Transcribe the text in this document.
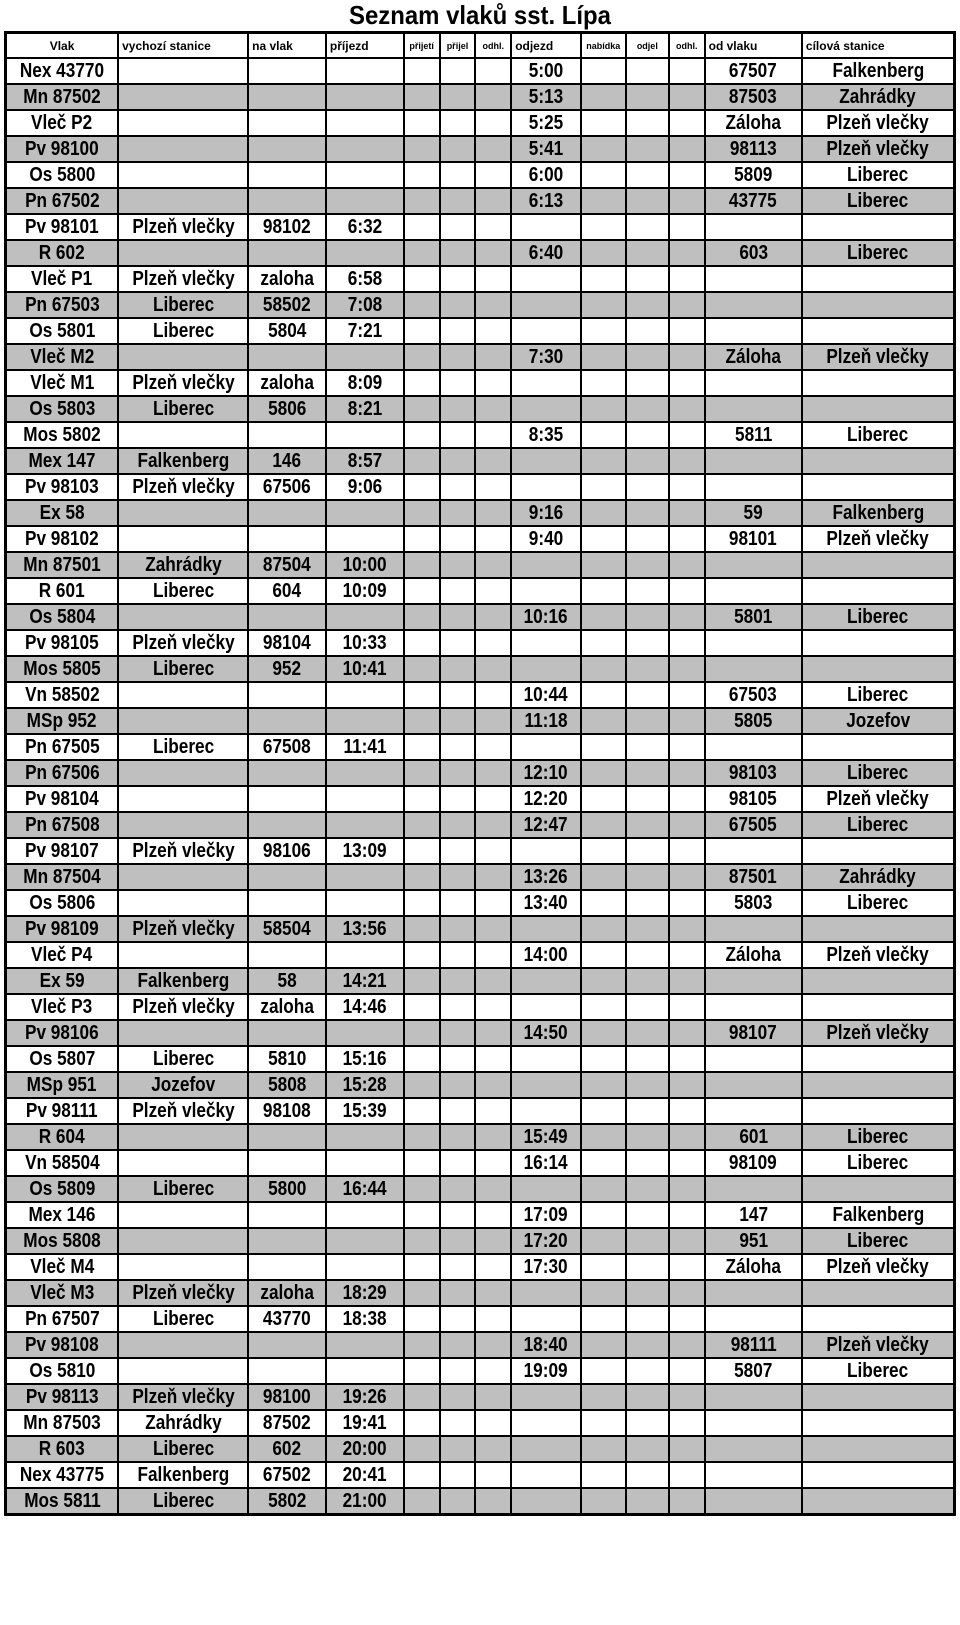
Seznam vlaků sst. Lípa
Vlak	vychozí stanice	na vlak	příjezd	přijetí	přijel	odhl.	odjezd	nabídka	odjel	odhl.	od vlaku	cílová stanice
Nex 43770							5:00				67507	Falkenberg
Mn 87502							5:13				87503	Zahrádky
Vleč P2							5:25				Záloha	Plzeň vlečky
Pv 98100							5:41				98113	Plzeň vlečky
Os 5800							6:00				5809	Liberec
Pn 67502							6:13				43775	Liberec
Pv 98101	Plzeň vlečky	98102	6:32									
R 602							6:40				603	Liberec
Vleč P1	Plzeň vlečky	zaloha	6:58									
Pn 67503	Liberec	58502	7:08									
Os 5801	Liberec	5804	7:21									
Vleč M2							7:30				Záloha	Plzeň vlečky
Vleč M1	Plzeň vlečky	zaloha	8:09									
Os 5803	Liberec	5806	8:21									
Mos 5802							8:35				5811	Liberec
Mex 147	Falkenberg	146	8:57									
Pv 98103	Plzeň vlečky	67506	9:06									
Ex 58							9:16				59	Falkenberg
Pv 98102							9:40				98101	Plzeň vlečky
Mn 87501	Zahrádky	87504	10:00									
R 601	Liberec	604	10:09									
Os 5804							10:16				5801	Liberec
Pv 98105	Plzeň vlečky	98104	10:33									
Mos 5805	Liberec	952	10:41									
Vn 58502							10:44				67503	Liberec
MSp 952							11:18				5805	Jozefov
Pn 67505	Liberec	67508	11:41									
Pn 67506							12:10				98103	Liberec
Pv 98104							12:20				98105	Plzeň vlečky
Pn 67508							12:47				67505	Liberec
Pv 98107	Plzeň vlečky	98106	13:09									
Mn 87504							13:26				87501	Zahrádky
Os 5806							13:40				5803	Liberec
Pv 98109	Plzeň vlečky	58504	13:56									
Vleč P4							14:00				Záloha	Plzeň vlečky
Ex 59	Falkenberg	58	14:21									
Vleč P3	Plzeň vlečky	zaloha	14:46									
Pv 98106							14:50				98107	Plzeň vlečky
Os 5807	Liberec	5810	15:16									
MSp 951	Jozefov	5808	15:28									
Pv 98111	Plzeň vlečky	98108	15:39									
R 604							15:49				601	Liberec
Vn 58504							16:14				98109	Liberec
Os 5809	Liberec	5800	16:44									
Mex 146							17:09				147	Falkenberg
Mos 5808							17:20				951	Liberec
Vleč M4							17:30				Záloha	Plzeň vlečky
Vleč M3	Plzeň vlečky	zaloha	18:29									
Pn 67507	Liberec	43770	18:38									
Pv 98108							18:40				98111	Plzeň vlečky
Os 5810							19:09				5807	Liberec
Pv 98113	Plzeň vlečky	98100	19:26									
Mn 87503	Zahrádky	87502	19:41									
R 603	Liberec	602	20:00									
Nex 43775	Falkenberg	67502	20:41									
Mos 5811	Liberec	5802	21:00									
